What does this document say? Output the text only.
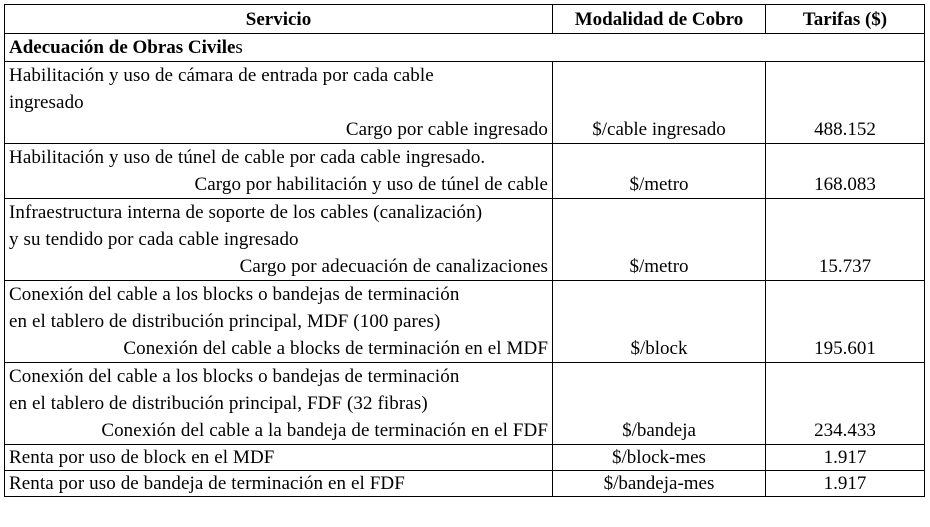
Servicio	Modalidad de Cobro	Tarifas ($)
Adecuación de Obras Civiles		

Habilitación y uso de cámara de entrada por cada cable
ingresado
Cargo por cable ingresado	$/cable ingresado	488.152

Habilitación y uso de túnel de cable por cada cable ingresado.
Cargo por habilitación y uso de túnel de cable	$/metro	168.083

Infraestructura interna de soporte de los cables (canalización)
y su tendido por cada cable ingresado
Cargo por adecuación de canalizaciones	$/metro	15.737

Conexión del cable a los blocks o bandejas de terminación
en el tablero de distribución principal, MDF (100 pares)
Conexión del cable a blocks de terminación en el MDF	$/block	195.601

Conexión del cable a los blocks o bandejas de terminación
en el tablero de distribución principal, FDF (32 fibras)
Conexión del cable a la bandeja de terminación en el FDF	$/bandeja	234.433
Renta por uso de block en el MDF	$/block-mes	1.917
Renta por uso de bandeja de terminación en el FDF	$/bandeja-mes	1.917
